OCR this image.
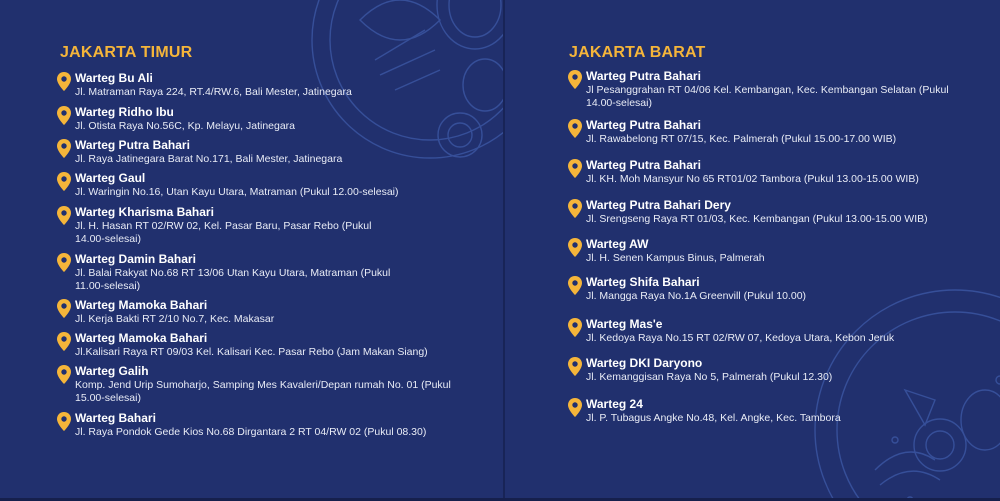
JAKARTA TIMUR
Warteg Bu Ali
Jl. Matraman Raya 224, RT.4/RW.6, Bali Mester, Jatinegara
Warteg Ridho Ibu
Jl. Otista Raya No.56C, Kp. Melayu, Jatinegara
Warteg Putra Bahari
Jl. Raya Jatinegara Barat No.171, Bali Mester, Jatinegara
Warteg Gaul
Jl. Waringin No.16, Utan Kayu Utara, Matraman (Pukul 12.00-selesai)
Warteg Kharisma Bahari
Jl. H. Hasan RT 02/RW 02, Kel. Pasar Baru, Pasar Rebo (Pukul 14.00-selesai)
Warteg Damin Bahari
Jl. Balai Rakyat No.68 RT 13/06 Utan Kayu Utara, Matraman (Pukul 11.00-selesai)
Warteg Mamoka Bahari
Jl. Kerja Bakti RT 2/10 No.7, Kec. Makasar
Warteg Mamoka Bahari
Jl.Kalisari Raya RT 09/03 Kel. Kalisari Kec. Pasar Rebo (Jam Makan Siang)
Warteg Galih
Komp. Jend Urip Sumoharjo, Samping Mes Kavaleri/Depan rumah No. 01 (Pukul 15.00-selesai)
Warteg Bahari
Jl. Raya Pondok Gede Kios No.68 Dirgantara 2 RT 04/RW 02 (Pukul 08.30)
JAKARTA BARAT
Warteg Putra Bahari
Jl Pesanggrahan RT 04/06 Kel. Kembangan, Kec. Kembangan Selatan (Pukul 14.00-selesai)
Warteg Putra Bahari
Jl. Rawabelong RT 07/15, Kec. Palmerah (Pukul 15.00-17.00 WIB)
Warteg Putra Bahari
Jl. KH. Moh Mansyur No 65 RT01/02 Tambora (Pukul 13.00-15.00 WIB)
Warteg Putra Bahari Dery
Jl. Srengseng Raya RT 01/03, Kec. Kembangan (Pukul 13.00-15.00 WIB)
Warteg AW
Jl. H. Senen Kampus Binus, Palmerah
Warteg Shifa Bahari
Jl. Mangga Raya No.1A Greenvill (Pukul 10.00)
Warteg Mas'e
Jl. Kedoya Raya No.15 RT 02/RW 07, Kedoya Utara, Kebon Jeruk
Warteg DKI Daryono
Jl. Kemanggisan Raya No 5, Palmerah (Pukul 12.30)
Warteg 24
Jl. P. Tubagus Angke No.48, Kel. Angke, Kec. Tambora
